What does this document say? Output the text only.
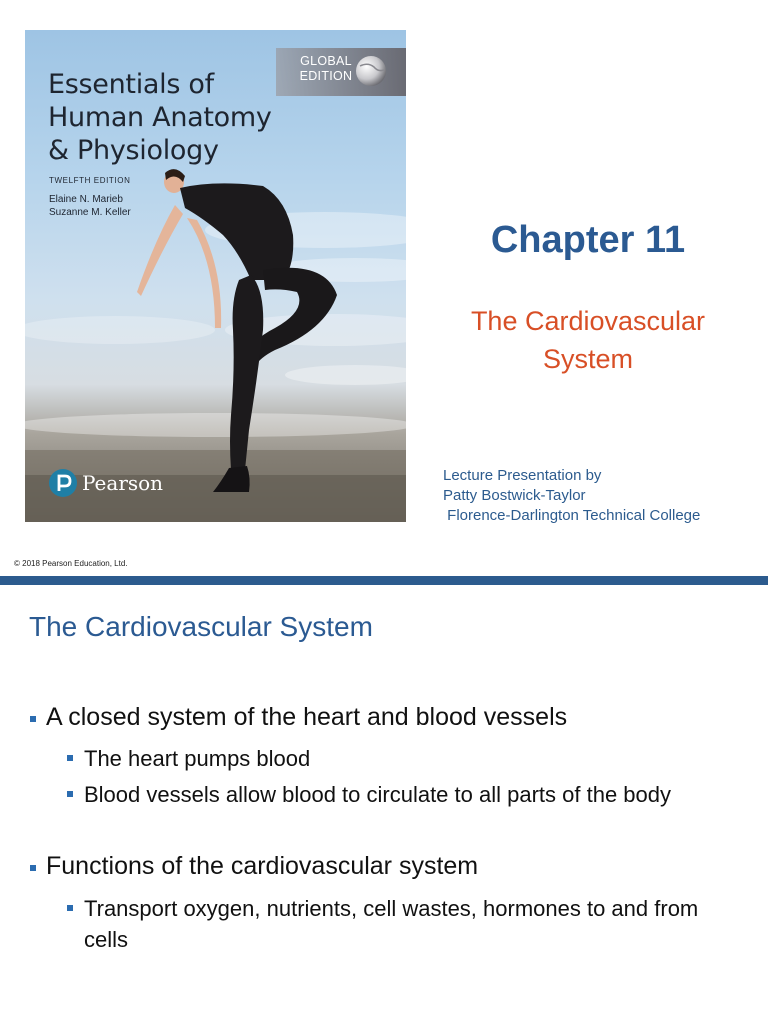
Essentials of
Human Anatomy
& Physiology
TWELFTH EDITION
Elaine N. Marieb
Suzanne M. Keller
GLOBAL
EDITION
Pearson
Chapter 11
The Cardiovascular
System
Lecture Presentation by
Patty Bostwick-Taylor
Florence-Darlington Technical College
© 2018 Pearson Education, Ltd.
The Cardiovascular System
A closed system of the heart and blood vessels
The heart pumps blood
Blood vessels allow blood to circulate to all parts of the body
Functions of the cardiovascular system
Transport oxygen, nutrients, cell wastes, hormones to and from cells
